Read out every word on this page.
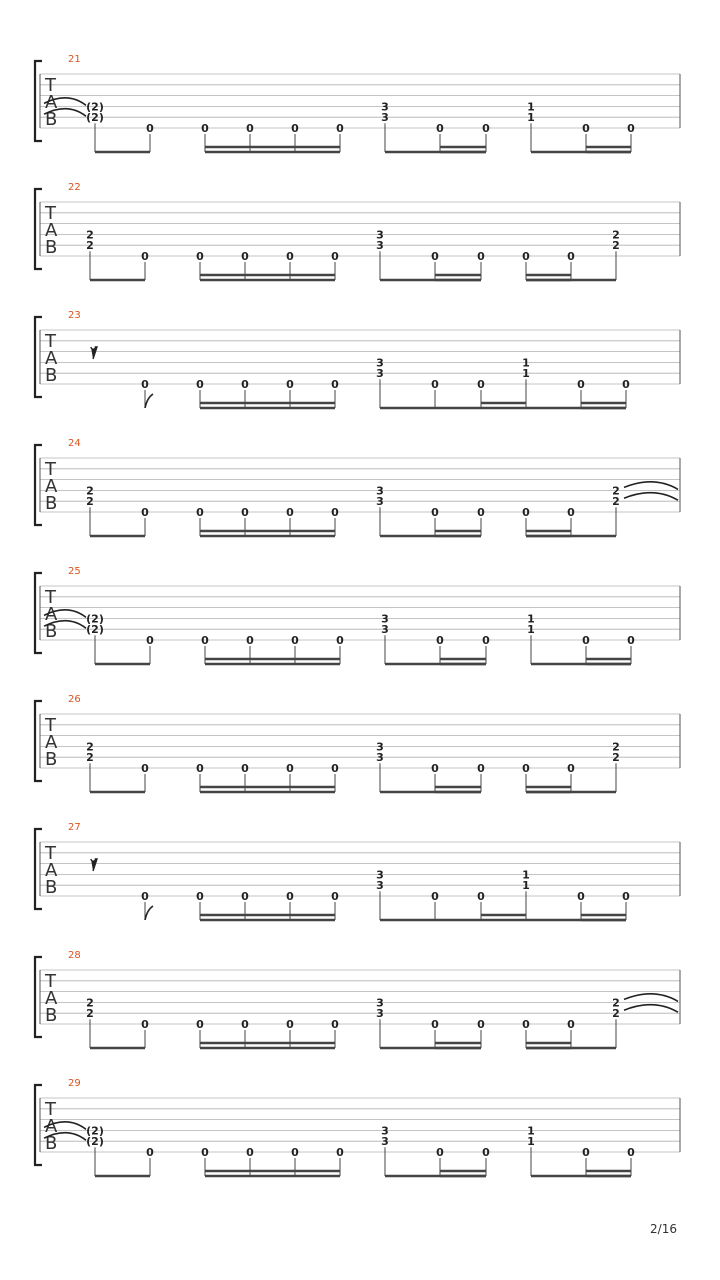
21
T
A
B
(2)
(2)
0	0	0	0	0
3
3
0	0
1
1
0	0
22
T
A
B
2
2
0	0	0	0	0
3
3
0	0	0	0
2
2
23
T
A
B	0	0	0	0	0
3
3
0	0
1
1
0	0
24
T
A
B
2
2
0	0	0	0	0
3
3
0	0	0	0
2
2
25
T
A
B
(2)
(2)
0	0	0	0	0
3
3
0	0
1
1
0	0
26
T
A
B
2
2
0	0	0	0	0
3
3
0	0	0	0
2
2
27
T
A
B	0	0	0	0	0
3
3
0	0
1
1
0	0
28
T
A
B
2
2
0	0	0	0	0
3
3
0	0	0	0
2
2
29
T
A
B
(2)
(2)
0	0	0	0	0
3
3
0	0
1
1
0	0
2/16
